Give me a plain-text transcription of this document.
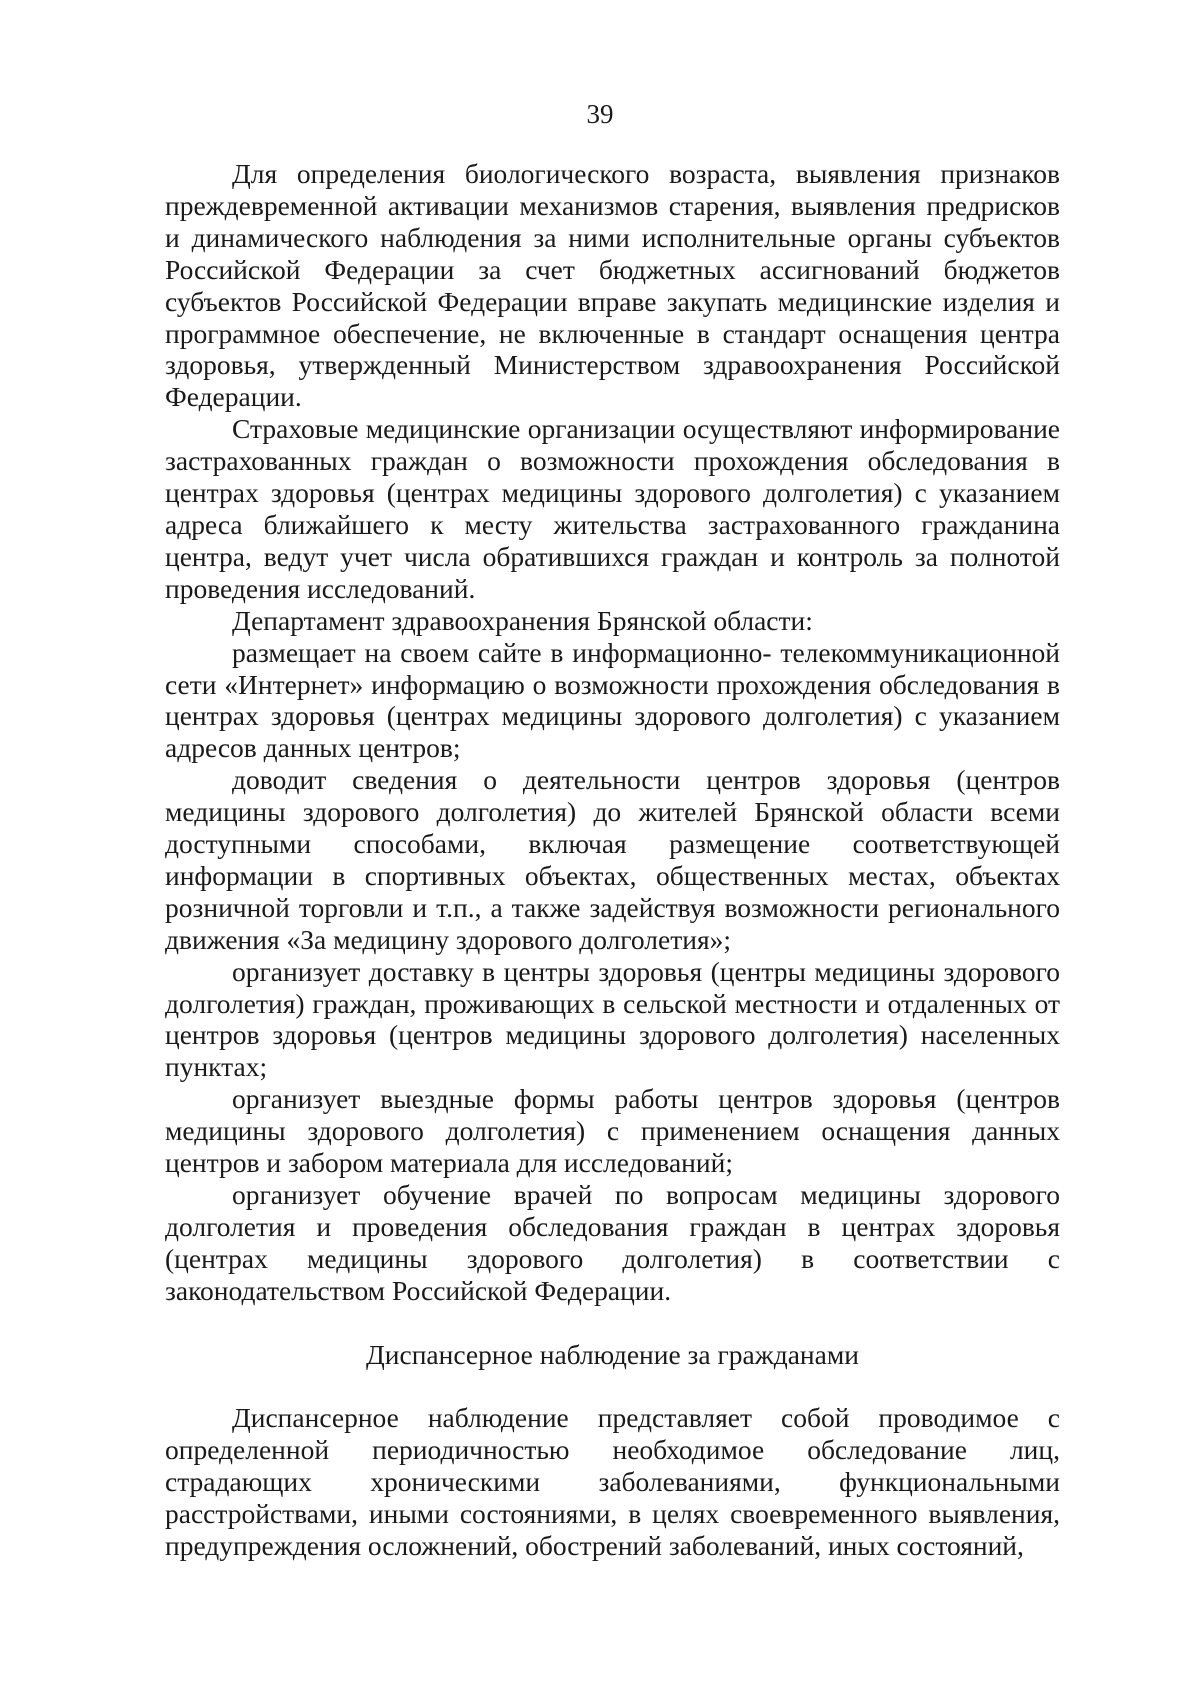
39

Для определения биологического возраста, выявления признаков преждевременной активации механизмов старения, выявления предрисков и динамического наблюдения за ними исполнительные органы субъектов Российской Федерации за счет бюджетных ассигнований бюджетов субъектов Российской Федерации вправе закупать медицинские изделия и программное обеспечение, не включенные в стандарт оснащения центра здоровья, утвержденный Министерством здравоохранения Российской Федерации.

Страховые медицинские организации осуществляют информирование застрахованных граждан о возможности прохождения обследования в центрах здоровья (центрах медицины здорового долголетия) с указанием адреса ближайшего к месту жительства застрахованного гражданина центра, ведут учет числа обратившихся граждан и контроль за полнотой проведения исследований.

Департамент здравоохранения Брянской области:

размещает на своем сайте в информационно- телекоммуникационной сети «Интернет» информацию о возможности прохождения обследования в центрах здоровья (центрах медицины здорового долголетия) с указанием адресов данных центров;

доводит сведения о деятельности центров здоровья (центров медицины здорового долголетия) до жителей Брянской области всеми доступными способами, включая размещение соответствующей информации в спортивных объектах, общественных местах, объектах розничной торговли и т.п., а также задействуя возможности регионального движения «За медицину здорового долголетия»;

организует доставку в центры здоровья (центры медицины здорового долголетия) граждан, проживающих в сельской местности и отдаленных от центров здоровья (центров медицины здорового долголетия) населенных пунктах;

организует выездные формы работы центров здоровья (центров медицины здорового долголетия) с применением оснащения данных центров и забором материала для исследований;

организует обучение врачей по вопросам медицины здорового долголетия и проведения обследования граждан в центрах здоровья (центрах медицины здорового долголетия) в соответствии с законодательством Российской Федерации.

Диспансерное наблюдение за гражданами

Диспансерное наблюдение представляет собой проводимое с определенной периодичностью необходимое обследование лиц, страдающих хроническими заболеваниями, функциональными расстройствами, иными состояниями, в целях своевременного выявления, предупреждения осложнений, обострений заболеваний, иных состояний,
